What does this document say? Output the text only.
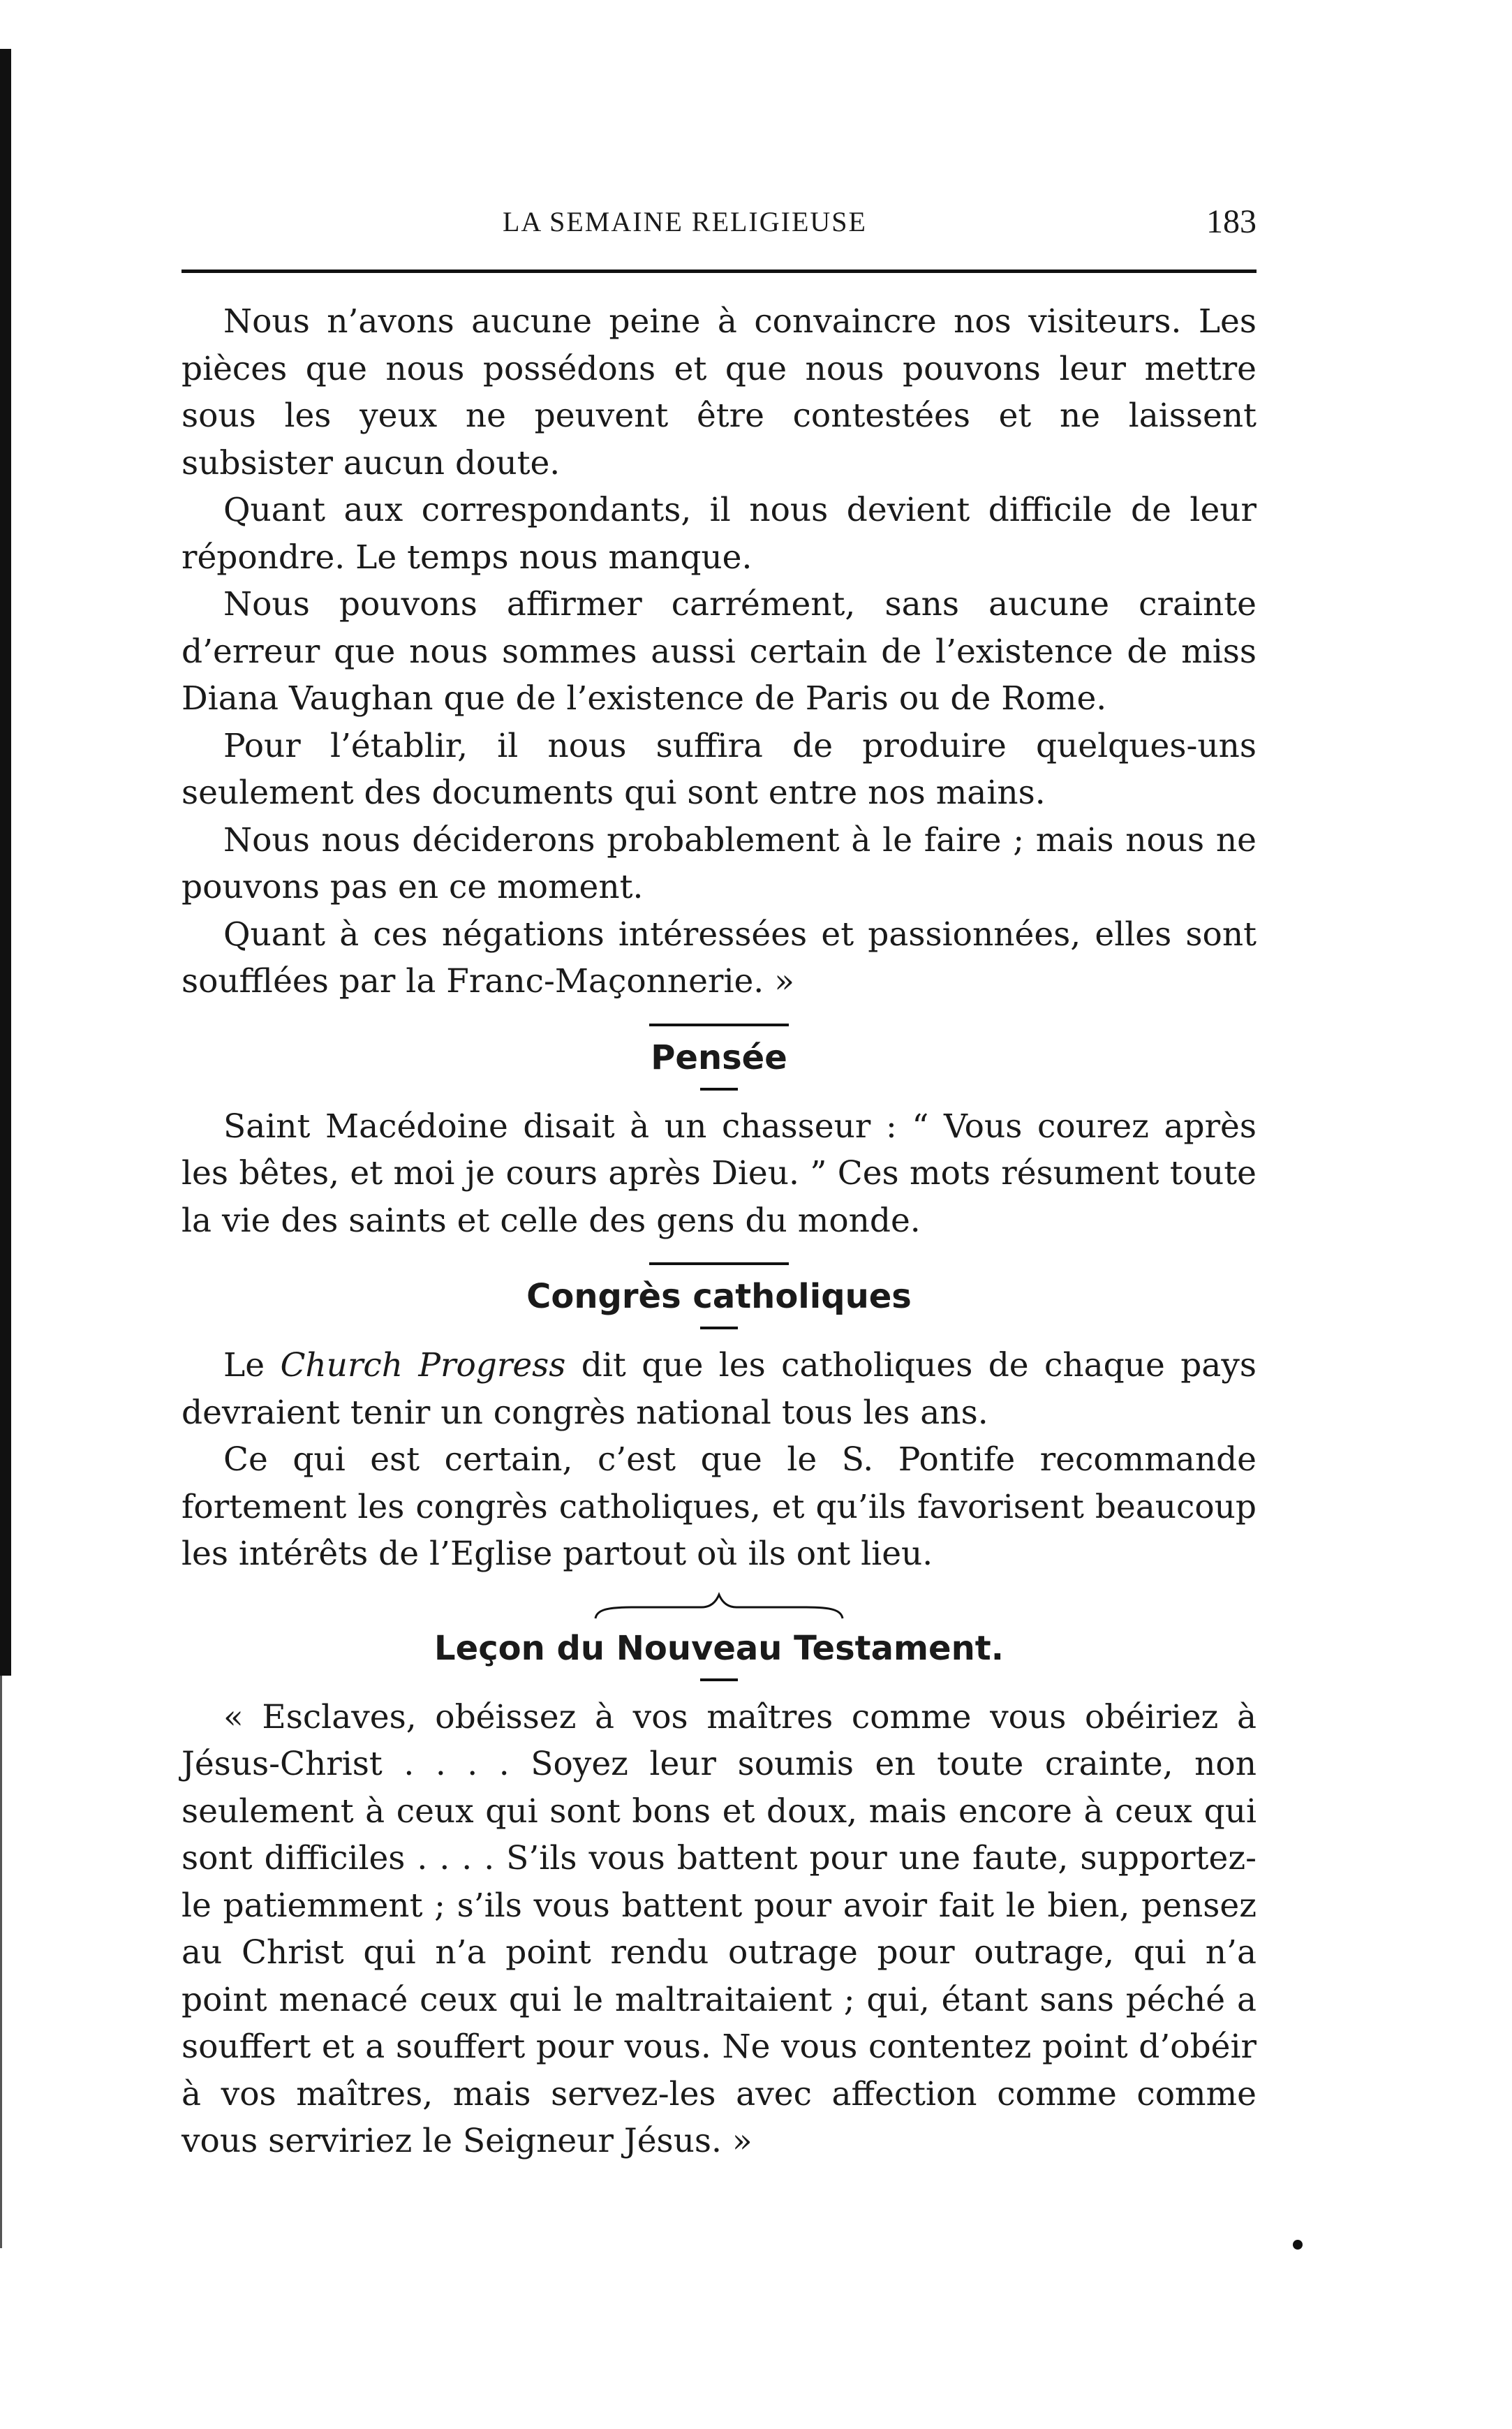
LA SEMAINE RELIGIEUSE	183

Nous n’avons aucune peine à convaincre nos visiteurs. Les pièces que nous possédons et que nous pouvons leur mettre sous les yeux ne peuvent être contestées et ne laissent subsister aucun doute.

Quant aux correspondants, il nous devient difficile de leur répondre. Le temps nous manque.

Nous pouvons affirmer carrément, sans aucune crainte d’erreur que nous sommes aussi certain de l’existence de miss Diana Vaughan que de l’existence de Paris ou de Rome.

Pour l’établir, il nous suffira de produire quelques-uns seulement des documents qui sont entre nos mains.

Nous nous déciderons probablement à le faire ; mais nous ne pouvons pas en ce moment.

Quant à ces négations intéressées et passionnées, elles sont soufflées par la Franc-Maçonnerie. »

Pensée

Saint Macédoine disait à un chasseur : “ Vous courez après les bêtes, et moi je cours après Dieu. ” Ces mots résument toute la vie des saints et celle des gens du monde.

Congrès catholiques

Le Church Progress dit que les catholiques de chaque pays devraient tenir un congrès national tous les ans.

Ce qui est certain, c’est que le S. Pontife recommande fortement les congrès catholiques, et qu’ils favorisent beaucoup les intérêts de l’Eglise partout où ils ont lieu.

Leçon du Nouveau Testament.

« Esclaves, obéissez à vos maîtres comme vous obéiriez à Jésus-Christ . . . . Soyez leur soumis en toute crainte, non seulement à ceux qui sont bons et doux, mais encore à ceux qui sont difficiles . . . . S’ils vous battent pour une faute, supportez-le patiemment ; s’ils vous battent pour avoir fait le bien, pensez au Christ qui n’a point rendu outrage pour outrage, qui n’a point menacé ceux qui le maltraitaient ; qui, étant sans péché a souffert et a souffert pour vous. Ne vous contentez point d’obéir à vos maîtres, mais servez-les avec affection comme comme vous serviriez le Seigneur Jésus. »
